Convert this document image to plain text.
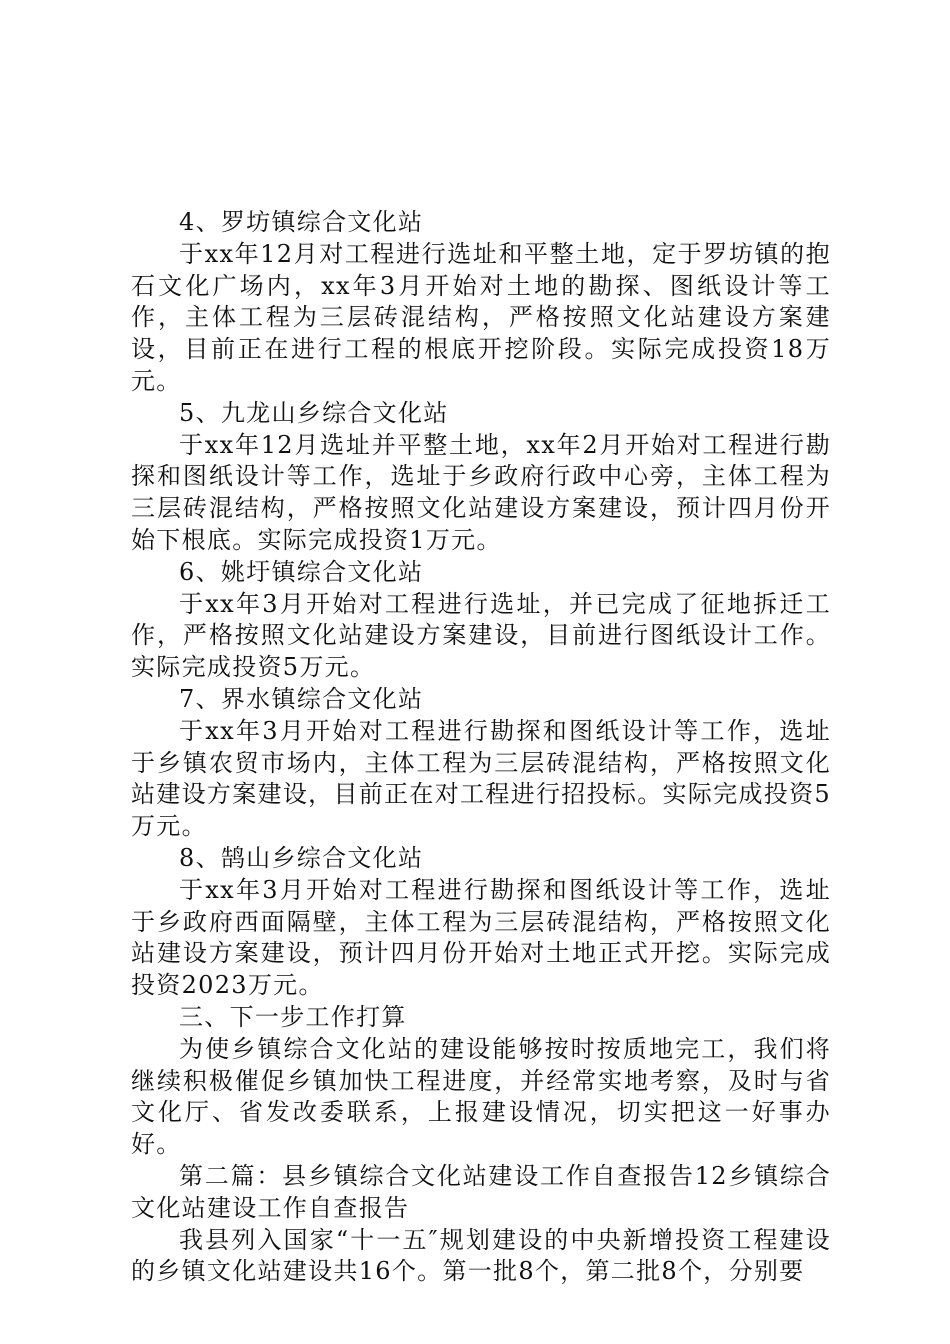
4、罗坊镇综合文化站

于xx年12月对工程进行选址和平整土地，定于罗坊镇的抱石文化广场内，xx年3月开始对土地的勘探、图纸设计等工作，主体工程为三层砖混结构，严格按照文化站建设方案建设，目前正在进行工程的根底开挖阶段。实际完成投资18万元。

5、九龙山乡综合文化站

于xx年12月选址并平整土地，xx年2月开始对工程进行勘探和图纸设计等工作，选址于乡政府行政中心旁，主体工程为三层砖混结构，严格按照文化站建设方案建设，预计四月份开始下根底。实际完成投资1万元。

6、姚圩镇综合文化站

于xx年3月开始对工程进行选址，并已完成了征地拆迁工作，严格按照文化站建设方案建设，目前进行图纸设计工作。实际完成投资5万元。

7、界水镇综合文化站

于xx年3月开始对工程进行勘探和图纸设计等工作，选址于乡镇农贸市场内，主体工程为三层砖混结构，严格按照文化站建设方案建设，目前正在对工程进行招投标。实际完成投资5万元。

8、鹄山乡综合文化站

于xx年3月开始对工程进行勘探和图纸设计等工作，选址于乡政府西面隔壁，主体工程为三层砖混结构，严格按照文化站建设方案建设，预计四月份开始对土地正式开挖。实际完成投资2023万元。

三、下一步工作打算

为使乡镇综合文化站的建设能够按时按质地完工，我们将继续积极催促乡镇加快工程进度，并经常实地考察，及时与省文化厅、省发改委联系，上报建设情况，切实把这一好事办好。

第二篇：县乡镇综合文化站建设工作自查报告12乡镇综合文化站建设工作自查报告

我县列入国家“十一五″规划建设的中央新增投资工程建设的乡镇文化站建设共16个。第一批8个，第二批8个，分别要
